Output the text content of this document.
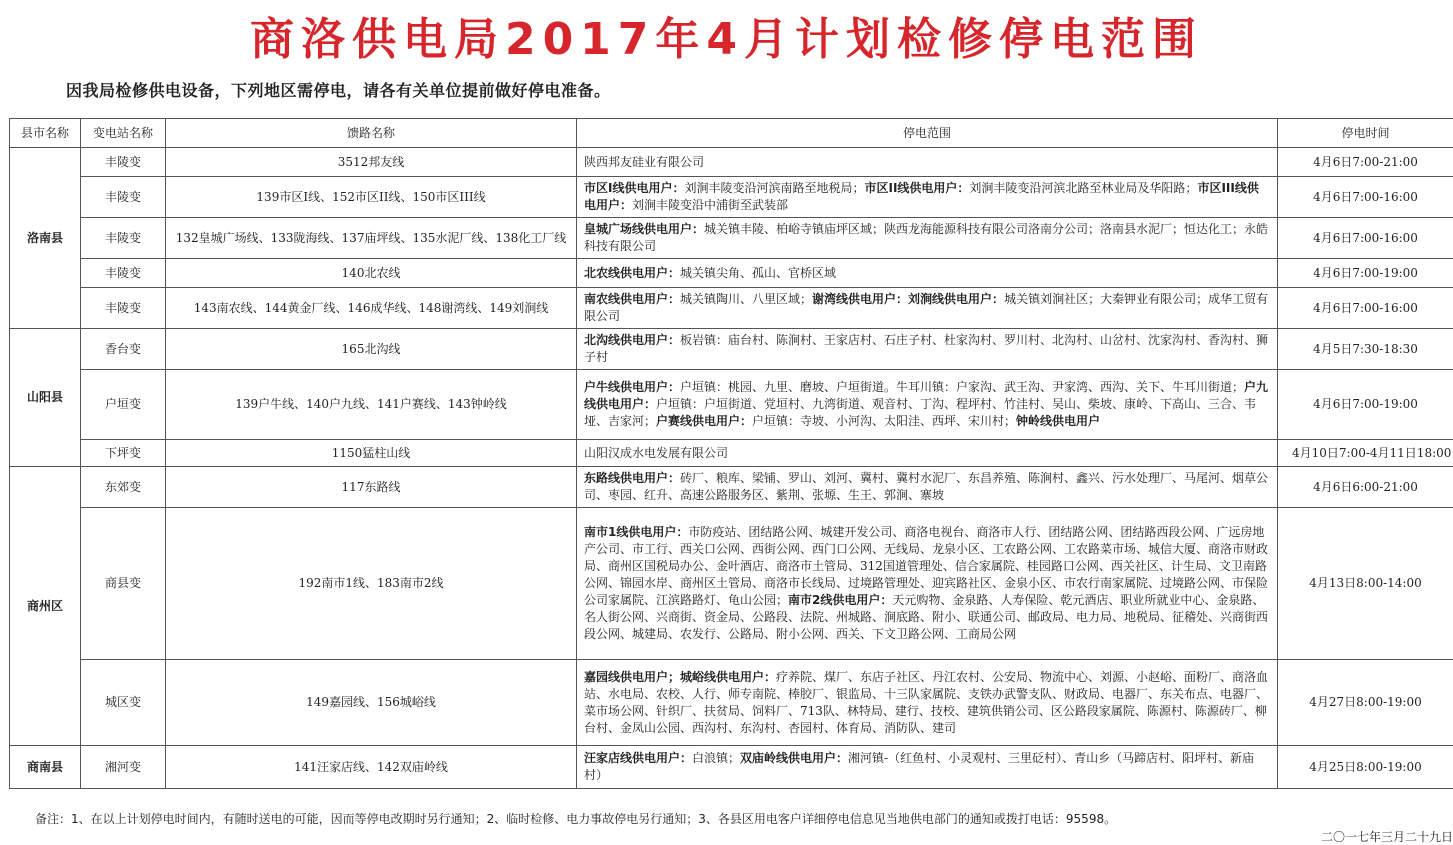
商洛供电局2017年4月计划检修停电范围
因我局检修供电设备，下列地区需停电，请各有关单位提前做好停电准备。
县市名称	变电站名称	馈路名称	停电范围	停电时间
洛南县	丰陵变	3512邦友线	陕西邦友硅业有限公司	4月6日7:00-21:00
	丰陵变	139市区I线、152市区II线、150市区III线	市区I线供电用户：刘涧丰陵变沿河滨南路至地税局；市区II线供电用户：刘涧丰陵变沿河滨北路至林业局及华阳路；市区III线供电用户：刘涧丰陵变沿中浦街至武装部	4月6日7:00-16:00
	丰陵变	132皇城广场线、133陇海线、137庙坪线、135水泥厂线、138化工厂线	皇城广场线供电用户：城关镇丰陵、柏峪寺镇庙坪区域；陕西龙海能源科技有限公司洛南分公司；洛南县水泥厂；恒达化工；永皓科技有限公司	4月6日7:00-16:00
	丰陵变	140北农线	北农线供电用户：城关镇尖角、孤山、官桥区域	4月6日7:00-19:00
	丰陵变	143南农线、144黄金厂线、146成华线、148谢湾线、149刘涧线	南农线供电用户：城关镇陶川、八里区域；谢湾线供电用户：刘涧线供电用户：城关镇刘涧社区；大秦钾业有限公司；成华工贸有限公司	4月6日7:00-16:00
山阳县	香台变	165北沟线	北沟线供电用户：板岩镇：庙台村、陈涧村、王家店村、石庄子村、杜家沟村、罗川村、北沟村、山岔村、沈家沟村、香沟村、狮子村	4月5日7:30-18:30
	户垣变	139户牛线、140户九线、141户赛线、143钟岭线	户牛线供电用户：户垣镇：桃园、九里、磨坡、户垣街道。牛耳川镇：户家沟、武王沟、尹家湾、西沟、关下、牛耳川街道；户九线供电用户：户垣镇：户垣街道、党垣村、九湾街道、观音村、丁沟、程坪村、竹洼村、吴山、柴坡、康岭、下高山、三合、韦垭、吉家河；户赛线供电用户：户垣镇：寺坡、小河沟、太阳洼、西坪、宋川村；钟岭线供电用户	4月6日7:00-19:00
	下坪变	1150猛柱山线	山阳汉成水电发展有限公司	4月10日7:00-4月11日18:00
商州区	东郊变	117东路线	东路线供电用户：砖厂、粮库、梁铺、罗山、刘河、冀村、冀村水泥厂、东昌养殖、陈涧村、鑫兴、污水处理厂、马尾河、烟草公司、枣园、红升、高速公路服务区、紫荆、张塬、生王、郭涧、寨坡	4月6日6:00-21:00
	商县变	192南市1线、183南市2线	南市1线供电用户：市防疫站、团结路公网、城建开发公司、商洛电视台、商洛市人行、团结路公网、团结路西段公网、广远房地产公司、市工行、西关口公网、西街公网、西门口公网、无线局、龙泉小区、工农路公网、工农路菜市场、城信大厦、商洛市财政局、商州区国税局办公、金叶酒店、商洛市土管局、312国道管理处、信合家属院、桂园路口公网、西关社区、计生局、文卫南路公网、锦园水岸、商州区土管局、商洛市长线局、过境路管理处、迎宾路社区、金泉小区、市农行南家属院、过境路公网、市保险公司家属院、江滨路路灯、龟山公园；南市2线供电用户：天元购物、金泉路、人寿保险、乾元酒店、职业所就业中心、金泉路、名人街公网、兴商街、资金局、公路段、法院、州城路、涧底路、附小、联通公司、邮政局、电力局、地税局、征稽处、兴商街西段公网、城建局、农发行、公路局、附小公网、西关、下文卫路公网、工商局公网	4月13日8:00-14:00
	城区变	149嘉园线、156城峪线	嘉园线供电用户；城峪线供电用户：疗养院、煤厂、东店子社区、丹江农村、公安局、物流中心、刘源、小赵峪、面粉厂、商洛血站、水电局、农校、人行、师专南院、棒胶厂、银监局、十三队家属院、支铁办武警支队、财政局、电器厂、东关布点、电器厂、菜市场公网、针织厂、扶贫局、饲料厂、713队、林特局、建行、技校、建筑供销公司、区公路段家属院、陈源村、陈源砖厂、柳台村、金凤山公园、西沟村、东沟村、杏园村、体育局、消防队、建司	4月27日8:00-19:00
商南县	湘河变	141汪家店线、142双庙岭线	汪家店线供电用户：白浪镇；双庙岭线供电用户：湘河镇-（红鱼村、小灵观村、三里砭村）、青山乡（马蹄店村、阳坪村、新庙村）	4月25日8:00-19:00
备注：1、在以上计划停电时间内，有随时送电的可能，因而等停电改期时另行通知；2、临时检修、电力事故停电另行通知；3、各县区用电客户详细停电信息见当地供电部门的通知或拨打电话：95598。
二〇一七年三月二十九日
